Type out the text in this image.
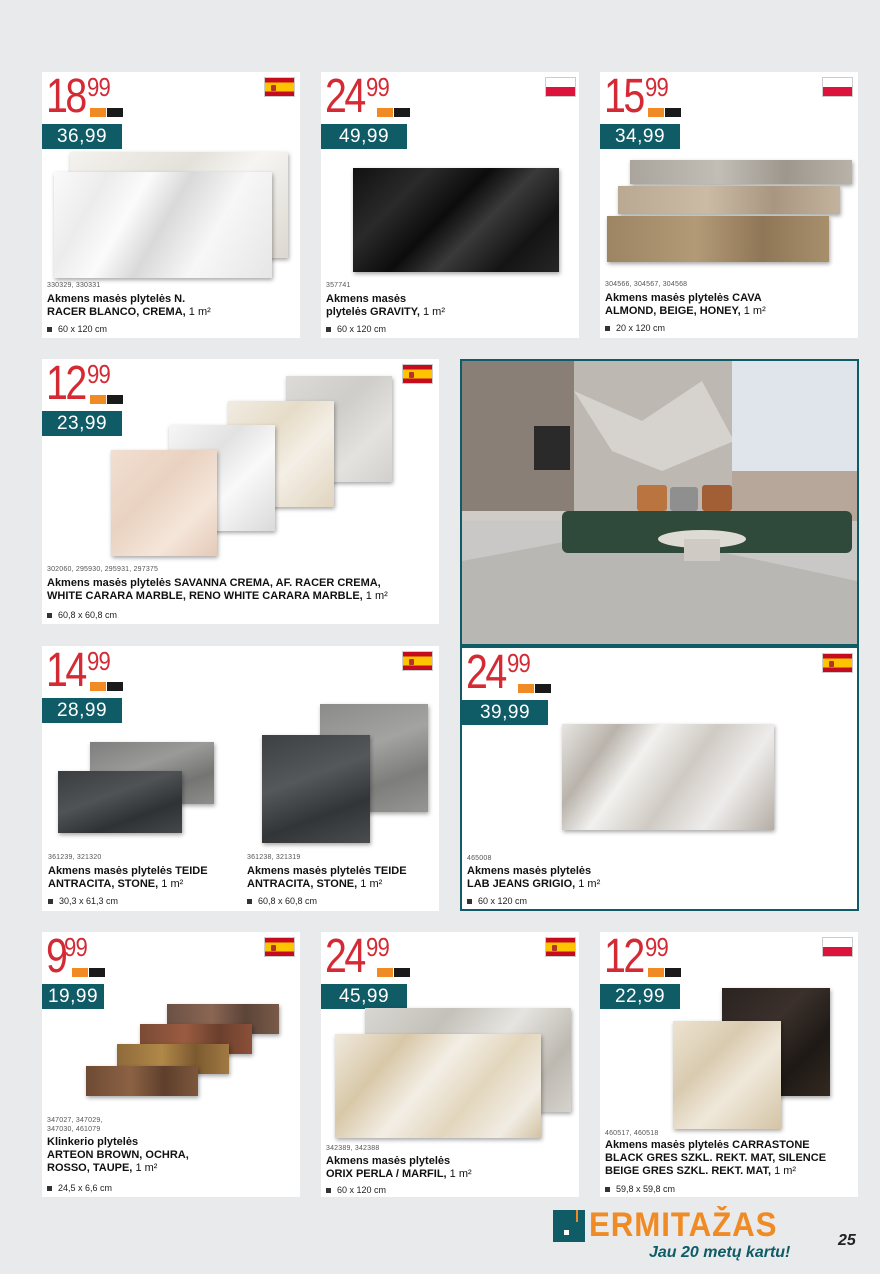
18 99
36,99
330329, 330331
Akmens masės plytelės N.
RACER BLANCO, CREMA, 1 m²
60 x 120 cm
24 99
49,99
357741
Akmens masės
plytelės GRAVITY, 1 m²
60 x 120 cm
15 99
34,99
304566, 304567, 304568
Akmens masės plytelės CAVA
ALMOND, BEIGE, HONEY, 1 m²
20 x 120 cm
12 99
23,99
302060, 295930, 295931, 297375
Akmens masės plytelės SAVANNA CREMA, AF. RACER CREMA,
WHITE CARARA MARBLE, RENO WHITE CARARA MARBLE, 1 m²
60,8 x 60,8 cm
14 99
28,99
361239, 321320
Akmens masės plytelės TEIDE
ANTRACITA, STONE, 1 m²
30,3 x 61,3 cm
361238, 321319
Akmens masės plytelės TEIDE
ANTRACITA, STONE, 1 m²
60,8 x 60,8 cm
24 99
39,99
465008
Akmens masės plytelės
LAB JEANS GRIGIO, 1 m²
60 x 120 cm
9
99
19,99
347027, 347029, 347030, 461079
Klinkerio plytelės
ARTEON BROWN, OCHRA,
ROSSO, TAUPE, 1 m²
24,5 x 6,6 cm
24 99
45,99
342389, 342388
Akmens masės plytelės
ORIX PERLA / MARFIL, 1 m²
60 x 120 cm
12 99
22,99
460517, 460518
Akmens masės plytelės CARRASTONE
BLACK GRES SZKL. REKT. MAT, SILENCE
BEIGE GRES SZKL. REKT. MAT, 1 m²
59,8 x 59,8 cm
ERMITAŽAS
Jau 20 metų kartu!
25
